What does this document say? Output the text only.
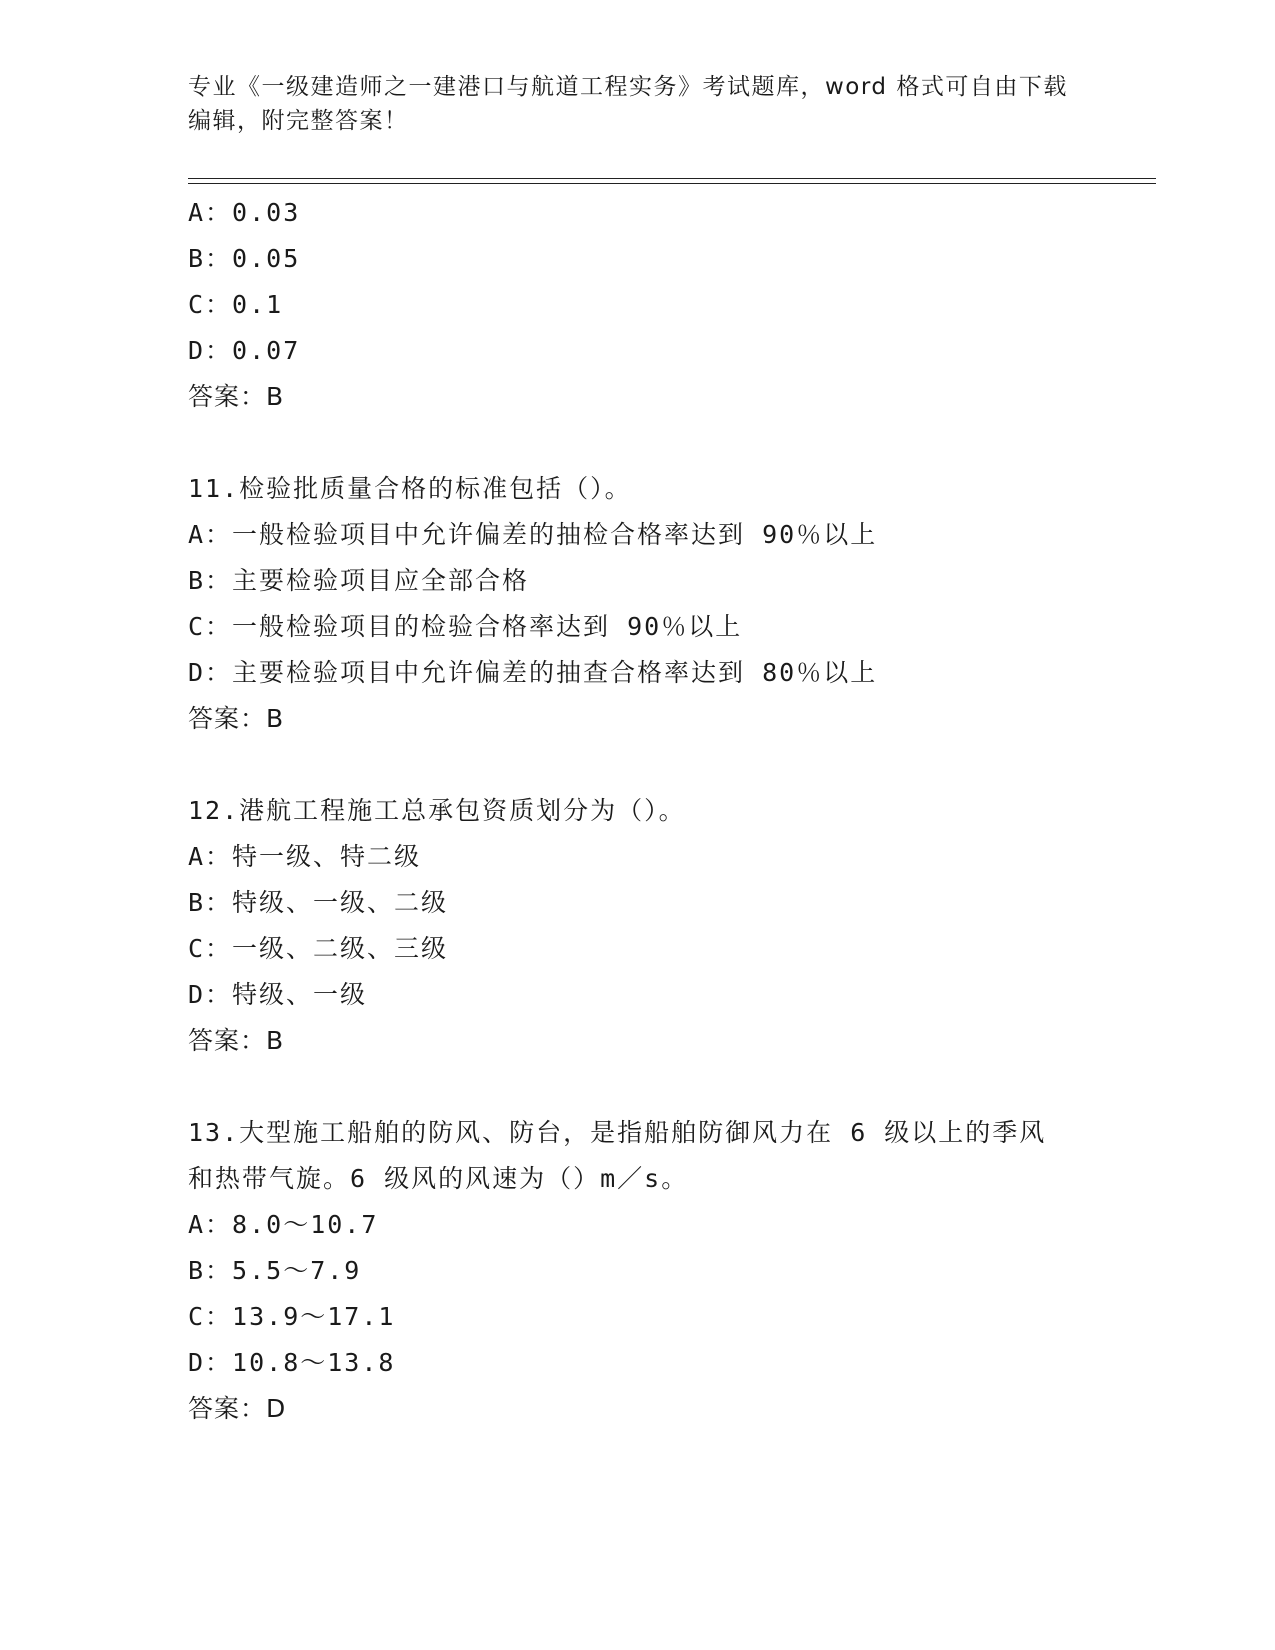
专业《一级建造师之一建港口与航道工程实务》考试题库，word 格式可自由下载
编辑，附完整答案！
A：0.03
B：0.05
C：0.1
D：0.07
答案：B
11.检验批质量合格的标准包括（）。
A：一般检验项目中允许偏差的抽检合格率达到 90％以上
B：主要检验项目应全部合格
C：一般检验项目的检验合格率达到 90％以上
D：主要检验项目中允许偏差的抽查合格率达到 80％以上
答案：B
12.港航工程施工总承包资质划分为（）。
A：特一级、特二级
B：特级、一级、二级
C：一级、二级、三级
D：特级、一级
答案：B
13.大型施工船舶的防风、防台，是指船舶防御风力在 6 级以上的季风
和热带气旋。6 级风的风速为（）m／s。
A：8.0～10.7
B：5.5～7.9
C：13.9～17.1
D：10.8～13.8
答案：D
